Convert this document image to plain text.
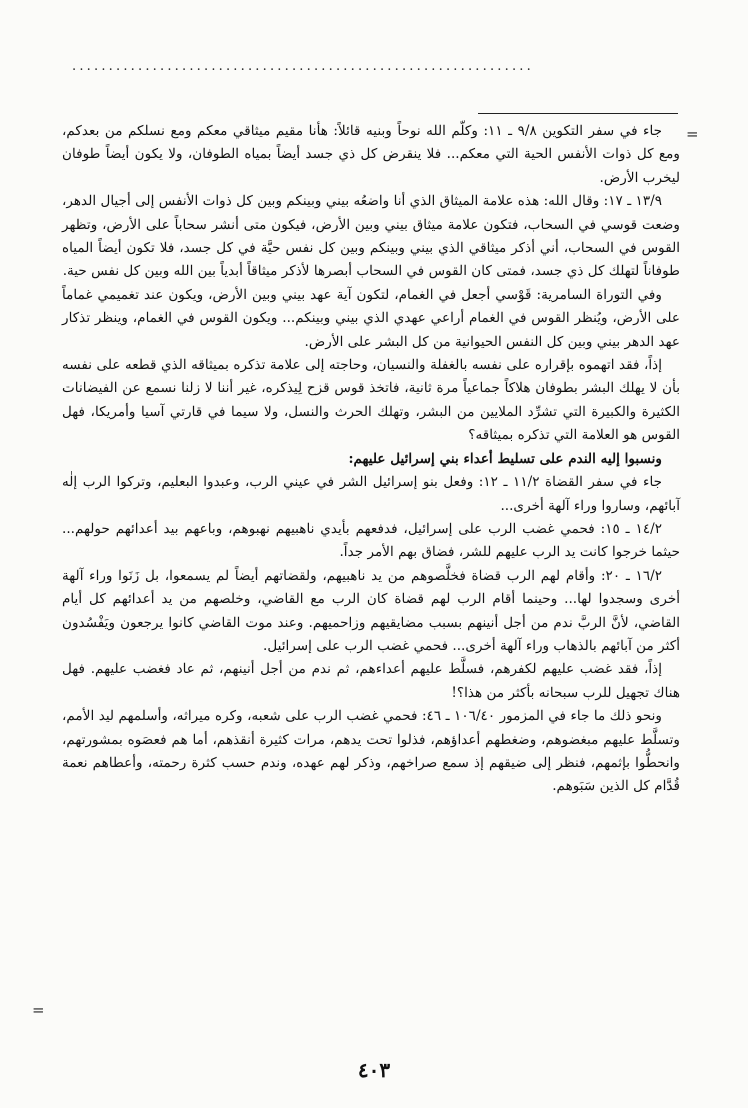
...............................................................
=
=

جاء في سفر التكوين ٩/٨ ـ ١١: وكلّم الله نوحاً وبنيه قائلاً: هأنا مقيم ميثاقي معكم ومع نسلكم من بعدكم، ومع كل ذوات الأنفس الحية التي معكم... فلا ينقرض كل ذي جسد أيضاً بمياه الطوفان، ولا يكون أيضاً طوفان ليخرب الأرض.

١٣/٩ ـ ١٧: وقال الله: هذه علامة الميثاق الذي أنا واضعُه بيني وبينكم وبين كل ذوات الأنفس إلى أجيال الدهر، وضعت قوسي في السحاب، فتكون علامة ميثاق بيني وبين الأرض، فيكون متى أنشر سحاباً على الأرض، وتظهر القوس في السحاب، أني أذكر ميثاقي الذي بيني وبينكم وبين كل نفس حيَّة في كل جسد، فلا تكون أيضاً المياه طوفاناً لتهلك كل ذي جسد، فمتى كان القوس في السحاب أبصرها لأذكر ميثاقاً أبدياً بين الله وبين كل نفس حية.

وفي التوراة السامرية: قَوْسي أجعل في الغمام، لتكون آية عهد بيني وبين الأرض، ويكون عند تغميمي غماماً على الأرض، ويُنظر القوس في الغمام أراعي عهدي الذي بيني وبينكم... ويكون القوس في الغمام، وينظر تذكار عهد الدهر بيني وبين كل النفس الحيوانية من كل البشر على الأرض.

إذاً، فقد اتهموه بإقراره على نفسه بالغفلة والنسيان، وحاجته إلى علامة تذكره بميثاقه الذي قطعه على نفسه بأن لا يهلك البشر بطوفان هلاكاً جماعياً مرة ثانية، فاتخذ قوس قزح لِيذكره، غير أننا لا زلنا نسمع عن الفيضانات الكثيرة والكبيرة التي تشرِّد الملايين من البشر، وتهلك الحرث والنسل، ولا سيما في قارتي آسيا وأمريكا، فهل القوس هو العلامة التي تذكره بميثاقه؟

ونسبوا إليه الندم على تسليط أعداء بني إسرائيل عليهم:

جاء في سفر القضاة ١١/٢ ـ ١٢: وفعل بنو إسرائيل الشر في عيني الرب، وعبدوا البعليم، وتركوا الرب إلٰه آبائهم، وساروا وراء آلهة أخرى...

١٤/٢ ـ ١٥: فحمي غضب الرب على إسرائيل، فدفعهم بأيدي ناهبيهم نهبوهم، وباعهم بيد أعدائهم حولهم... حيثما خرجوا كانت يد الرب عليهم للشر، فضاق بهم الأمر جداً.

١٦/٢ ـ ٢٠: وأقام لهم الرب قضاة فخلَّصوهم من يد ناهبيهم، ولقضاتهم أيضاً لم يسمعوا، بل زَنَوا وراء آلهة أخرى وسجدوا لها... وحينما أقام الرب لهم قضاة كان الرب مع القاضي، وخلصهم من يد أعدائهم كل أيام القاضي، لأنَّ الربَّ ندم من أجل أنينهم بسبب مضايقيهم وزاحميهم. وعند موت القاضي كانوا يرجعون ويَفْسُدون أكثر من آبائهم بالذهاب وراء آلهة أخرى... فحمي غضب الرب على إسرائيل.

إذاً، فقد غضب عليهم لكفرهم، فسلَّط عليهم أعداءهم، ثم ندم من أجل أنينهم، ثم عاد فغضب عليهم. فهل هناك تجهيل للرب سبحانه بأكثر من هذا؟!

ونحو ذلك ما جاء في المزمور ١٠٦/٤٠ ـ ٤٦: فحمي غضب الرب على شعبه، وكره ميراثه، وأسلمهم ليد الأمم، وتسلَّط عليهم مبغضوهم، وضغطهم أعداؤهم، فذلوا تحت يدهم، مرات كثيرة أنقذهم، أما هم فعصَوه بمشورتهم، وانحطُّوا بإثمهم، فنظر إلى ضيقهم إذ سمع صراخهم، وذكر لهم عهده، وندم حسب كثرة رحمته، وأعطاهم نعمة قُدَّام كل الذين سَبَوهم.

٤٠٣
